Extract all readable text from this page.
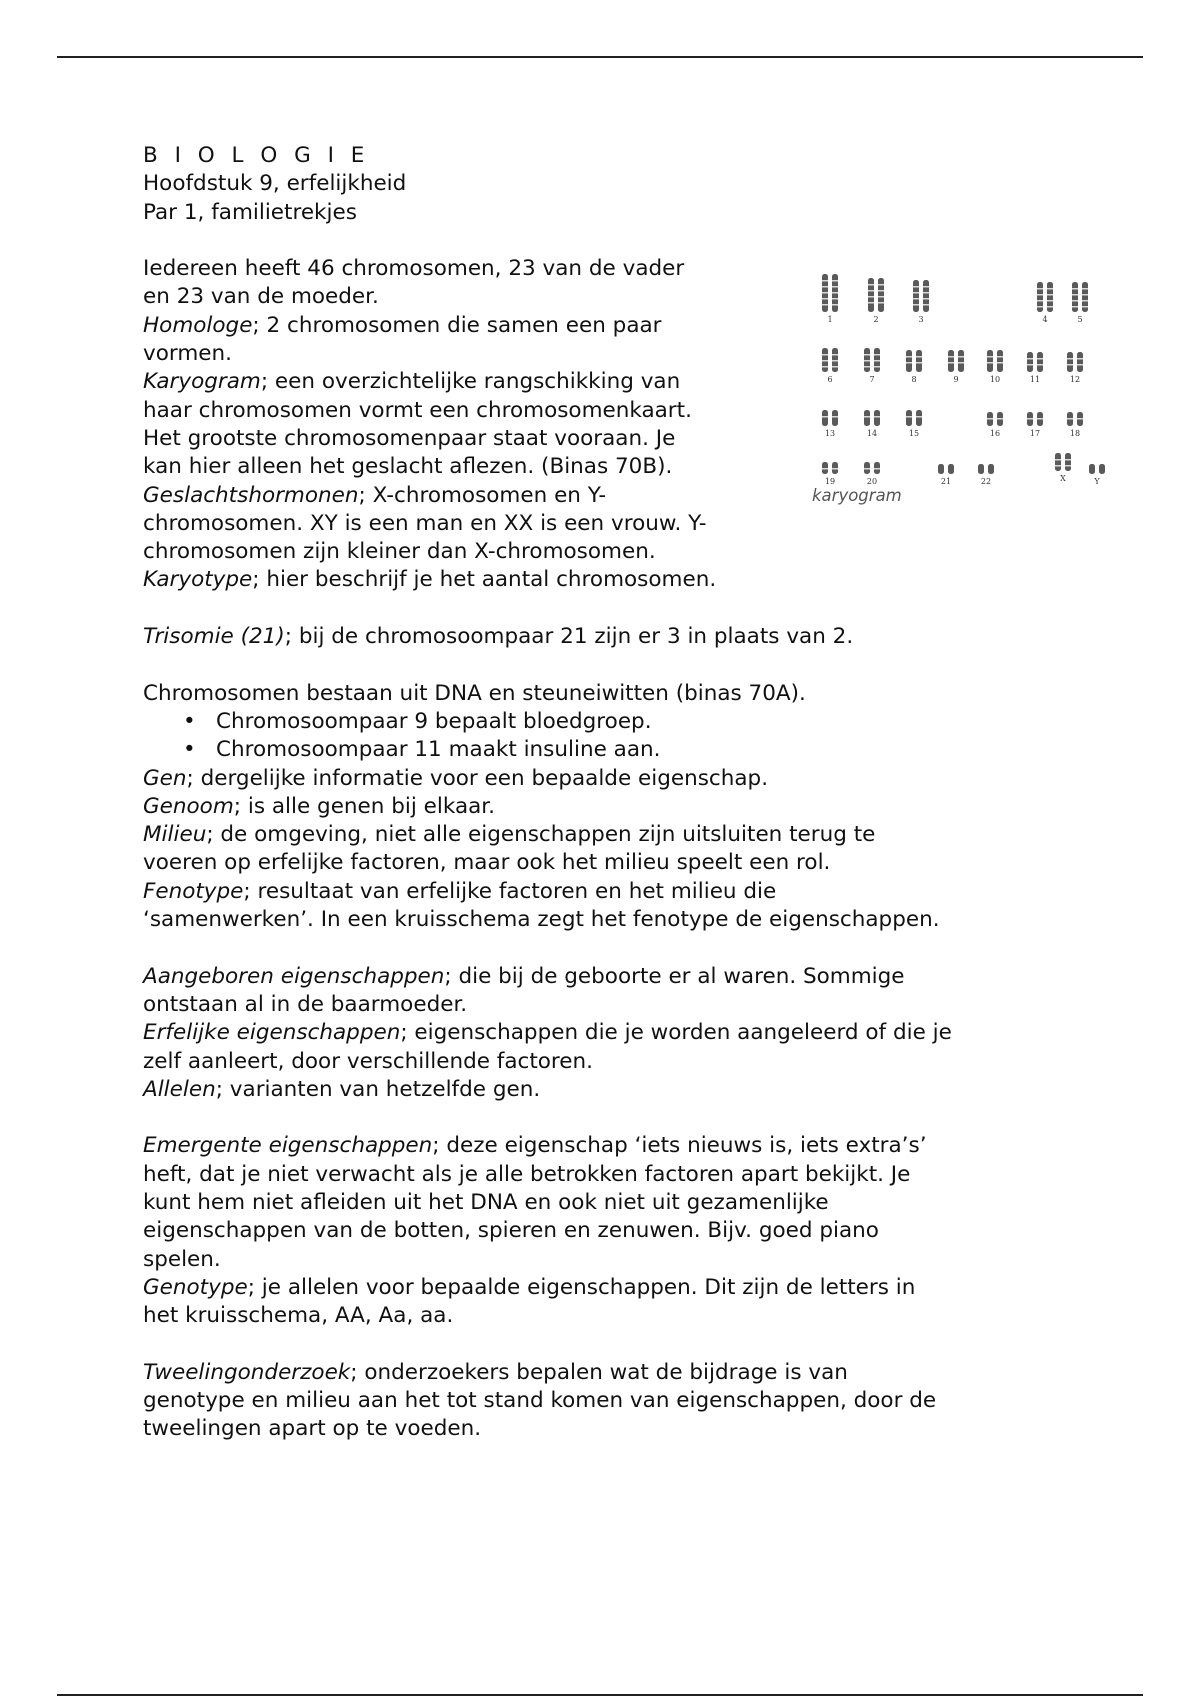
B I O L O G I E
Hoofdstuk 9, erfelijkheid
Par 1, familietrekjes
Iedereen heeft 46 chromosomen, 23 van de vader
en 23 van de moeder.
Homologe; 2 chromosomen die samen een paar
vormen.
Karyogram; een overzichtelijke rangschikking van
haar chromosomen vormt een chromosomenkaart.
Het grootste chromosomenpaar staat vooraan. Je
kan hier alleen het geslacht aflezen. (Binas 70B).
Geslachtshormonen; X-chromosomen en Y-
chromosomen. XY is een man en XX is een vrouw. Y-
chromosomen zijn kleiner dan X-chromosomen.
Karyotype; hier beschrijf je het aantal chromosomen.
Trisomie (21); bij de chromosoompaar 21 zijn er 3 in plaats van 2.
Chromosomen bestaan uit DNA en steuneiwitten (binas 70A).
• Chromosoompaar 9 bepaalt bloedgroep.
• Chromosoompaar 11 maakt insuline aan.
Gen; dergelijke informatie voor een bepaalde eigenschap.
Genoom; is alle genen bij elkaar.
Milieu; de omgeving, niet alle eigenschappen zijn uitsluiten terug te
voeren op erfelijke factoren, maar ook het milieu speelt een rol.
Fenotype; resultaat van erfelijke factoren en het milieu die
‘samenwerken’. In een kruisschema zegt het fenotype de eigenschappen.
Aangeboren eigenschappen; die bij de geboorte er al waren. Sommige
ontstaan al in de baarmoeder.
Erfelijke eigenschappen; eigenschappen die je worden aangeleerd of die je
zelf aanleert, door verschillende factoren.
Allelen; varianten van hetzelfde gen.
Emergente eigenschappen; deze eigenschap ‘iets nieuws is, iets extra’s’
heft, dat je niet verwacht als je alle betrokken factoren apart bekijkt. Je
kunt hem niet afleiden uit het DNA en ook niet uit gezamenlijke
eigenschappen van de botten, spieren en zenuwen. Bijv. goed piano
spelen.
Genotype; je allelen voor bepaalde eigenschappen. Dit zijn de letters in
het kruisschema, AA, Aa, aa.
Tweelingonderzoek; onderzoekers bepalen wat de bijdrage is van
genotype en milieu aan het tot stand komen van eigenschappen, door de
tweelingen apart op te voeden.
1	2	3	4	5
6	7	8	9	10	11	12
13	14	15	16	17	18
19	20	21	22	X	Y
karyogram
